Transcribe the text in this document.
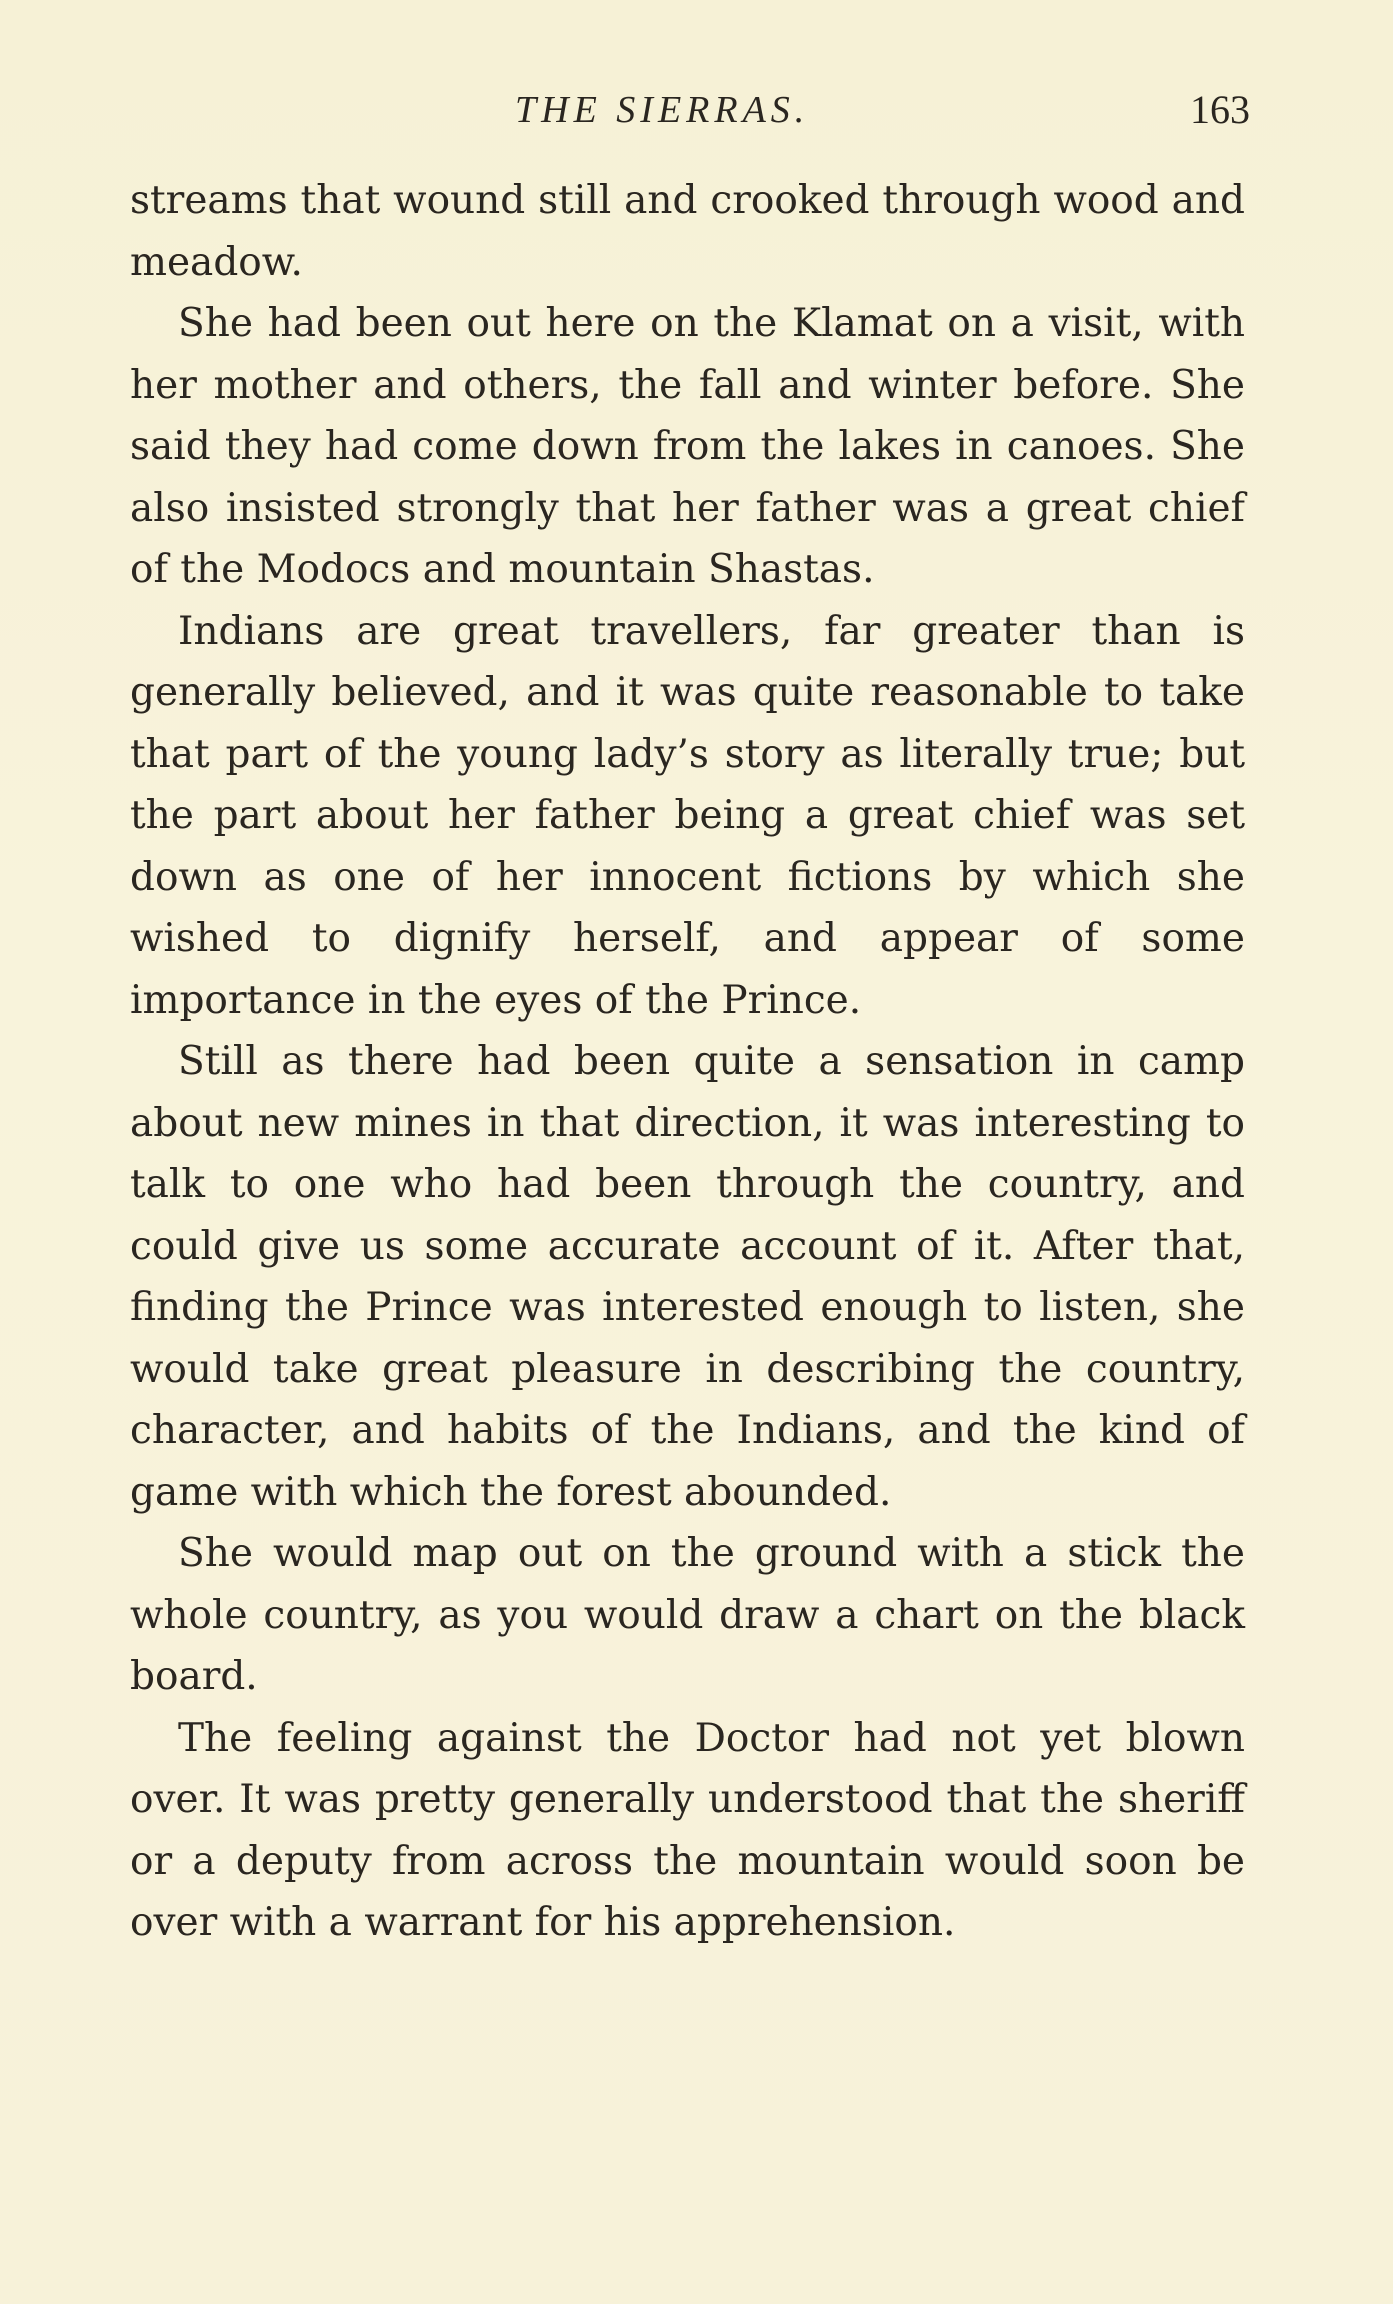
THE SIERRAS.	163

streams that wound still and crooked through wood and meadow.

She had been out here on the Klamat on a visit, with her mother and others, the fall and winter before. She said they had come down from the lakes in canoes. She also insisted strongly that her father was a great chief of the Modocs and mountain Shastas.

Indians are great travellers, far greater than is generally believed, and it was quite reasonable to take that part of the young lady’s story as literally true; but the part about her father being a great chief was set down as one of her innocent fictions by which she wished to dignify herself, and appear of some importance in the eyes of the Prince.

Still as there had been quite a sensation in camp about new mines in that direction, it was interesting to talk to one who had been through the country, and could give us some accurate account of it. After that, finding the Prince was interested enough to listen, she would take great pleasure in describing the country, character, and habits of the Indians, and the kind of game with which the forest abounded.

She would map out on the ground with a stick the whole country, as you would draw a chart on the black board.

The feeling against the Doctor had not yet blown over. It was pretty generally understood that the sheriff or a deputy from across the mountain would soon be over with a warrant for his apprehension.
